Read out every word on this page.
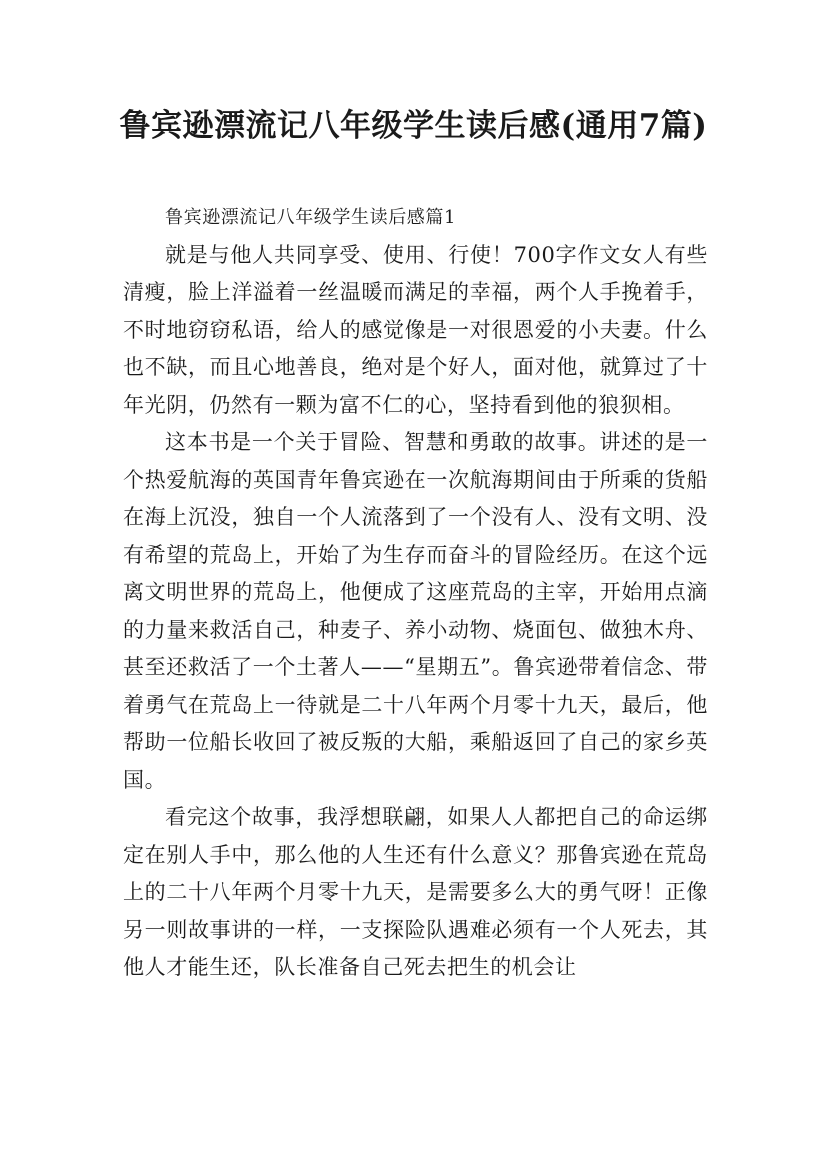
鲁宾逊漂流记八年级学生读后感(通用7篇)
鲁宾逊漂流记八年级学生读后感篇1

就是与他人共同享受、使用、行使！700字作文女人有些清瘦，脸上洋溢着一丝温暖而满足的幸福，两个人手挽着手，不时地窃窃私语，给人的感觉像是一对很恩爱的小夫妻。什么也不缺，而且心地善良，绝对是个好人，面对他，就算过了十年光阴，仍然有一颗为富不仁的心，坚持看到他的狼狈相。

这本书是一个关于冒险、智慧和勇敢的故事。讲述的是一个热爱航海的英国青年鲁宾逊在一次航海期间由于所乘的货船在海上沉没，独自一个人流落到了一个没有人、没有文明、没有希望的荒岛上，开始了为生存而奋斗的冒险经历。在这个远离文明世界的荒岛上，他便成了这座荒岛的主宰，开始用点滴的力量来救活自己，种麦子、养小动物、烧面包、做独木舟、甚至还救活了一个土著人——“星期五”。鲁宾逊带着信念、带着勇气在荒岛上一待就是二十八年两个月零十九天，最后，他帮助一位船长收回了被反叛的大船，乘船返回了自己的家乡英国。

看完这个故事，我浮想联翩，如果人人都把自己的命运绑定在别人手中，那么他的人生还有什么意义？那鲁宾逊在荒岛上的二十八年两个月零十九天，是需要多么大的勇气呀！正像另一则故事讲的一样，一支探险队遇难必须有一个人死去，其他人才能生还，队长准备自己死去把生的机会让
